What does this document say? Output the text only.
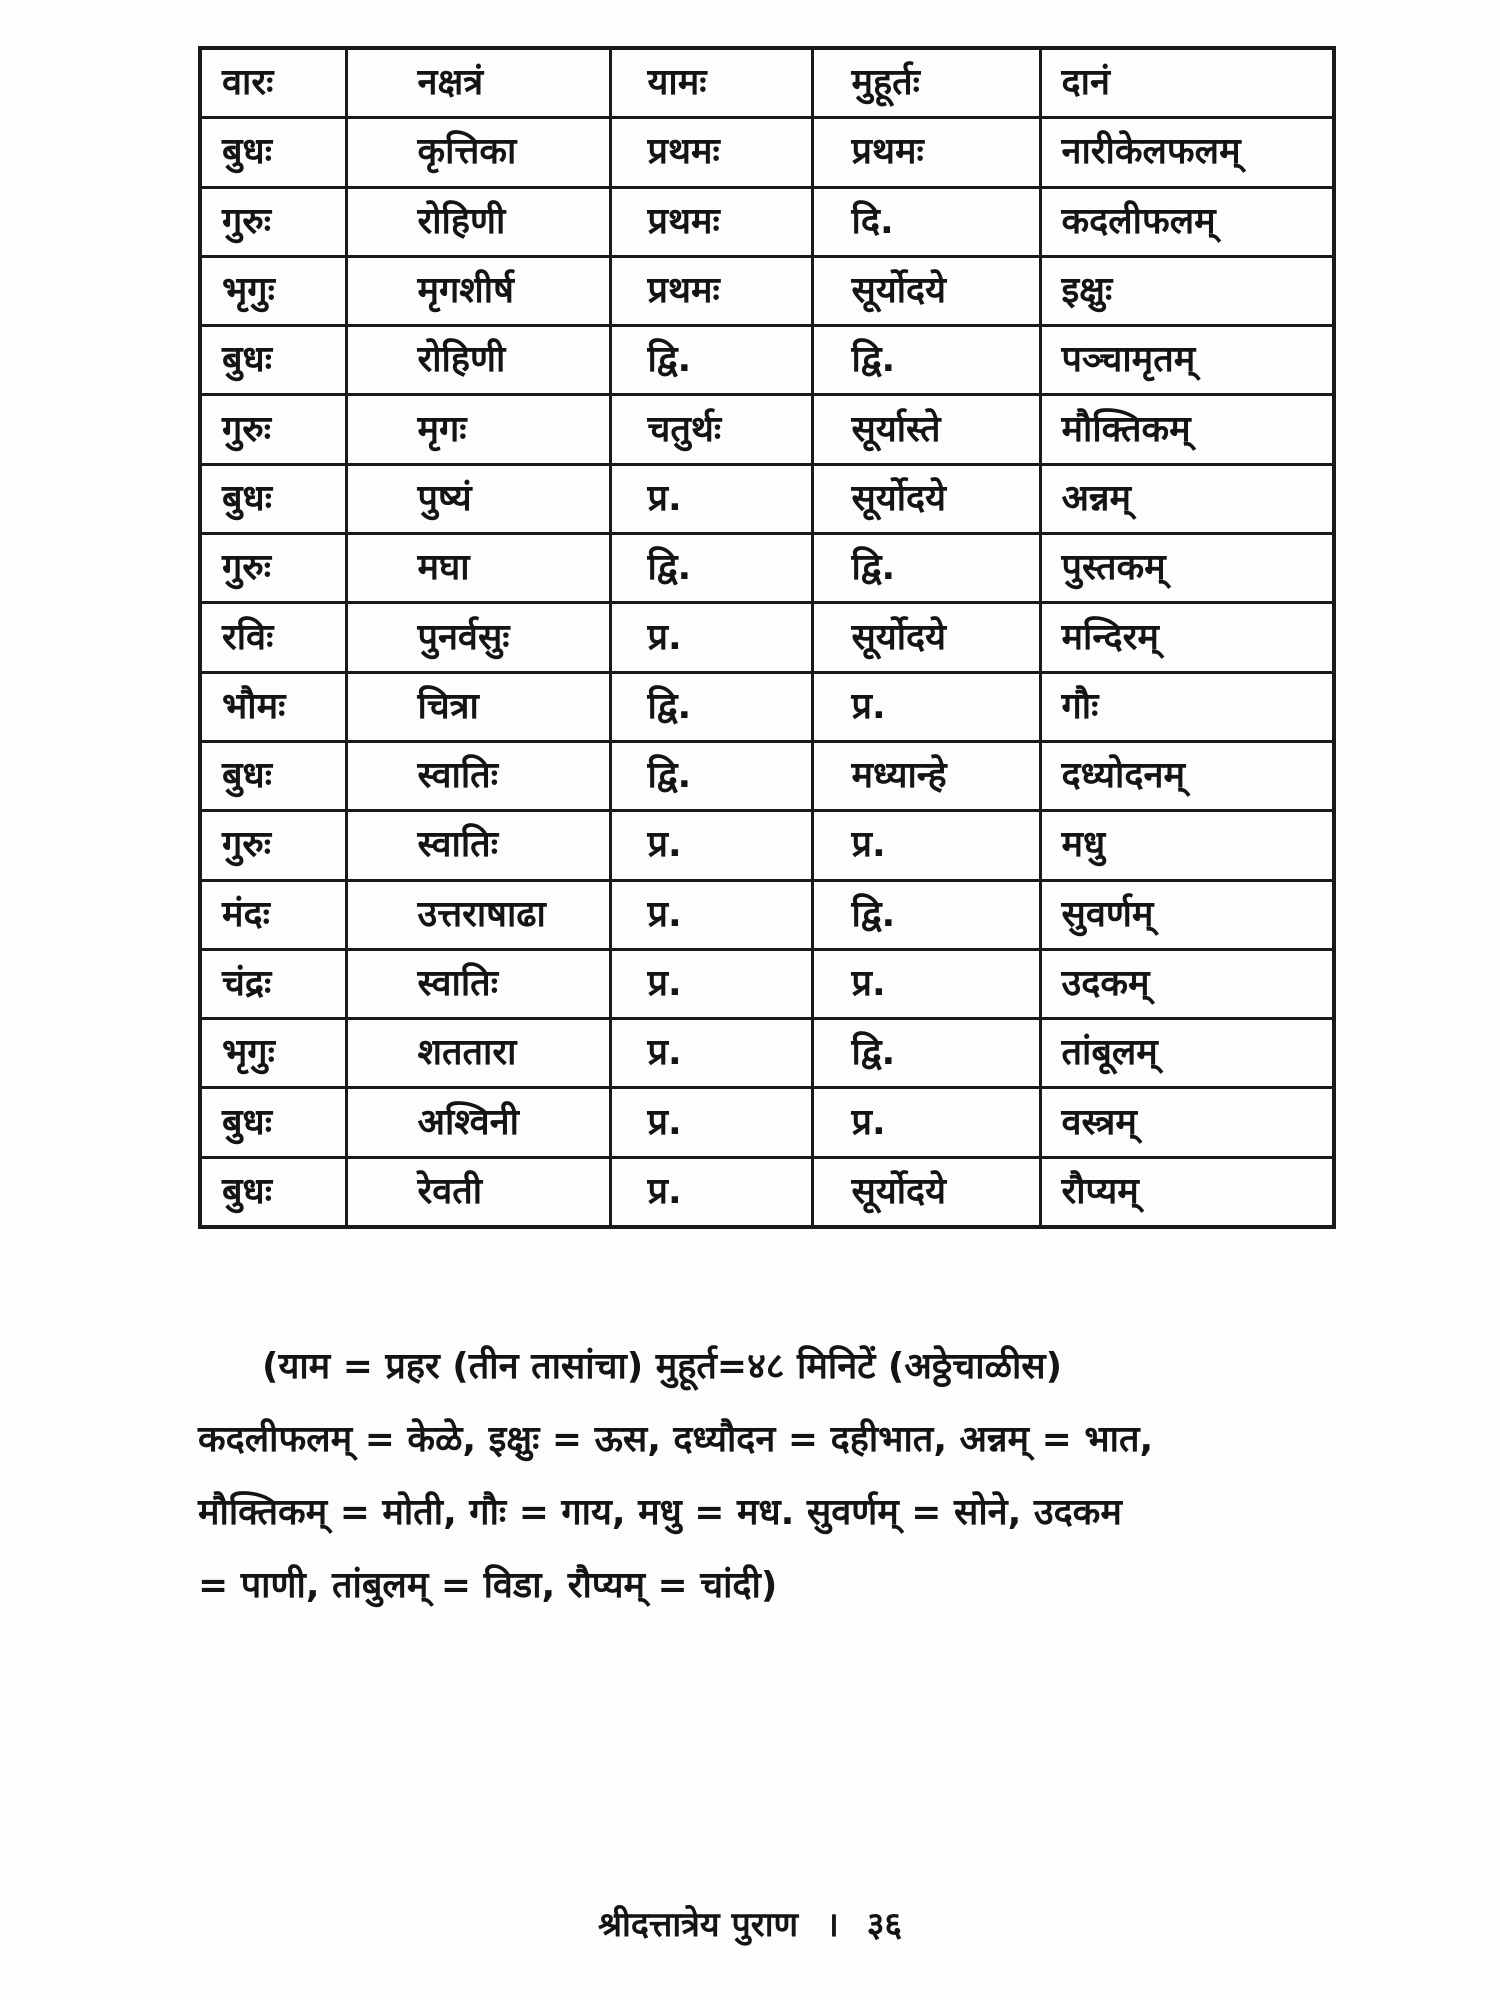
वारः	नक्षत्रं	यामः	मुहूर्तः	दानं
बुधः	कृत्तिका	प्रथमः	प्रथमः	नारीकेलफलम्
गुरुः	रोहिणी	प्रथमः	दि.	कदलीफलम्
भृगुः	मृगशीर्ष	प्रथमः	सूर्योदये	इक्षुः
बुधः	रोहिणी	द्वि.	द्वि.	पञ्चामृतम्
गुरुः	मृगः	चतुर्थः	सूर्यास्ते	मौक्तिकम्
बुधः	पुष्यं	प्र.	सूर्योदये	अन्नम्
गुरुः	मघा	द्वि.	द्वि.	पुस्तकम्
रविः	पुनर्वसुः	प्र.	सूर्योदये	मन्दिरम्
भौमः	चित्रा	द्वि.	प्र.	गौः
बुधः	स्वातिः	द्वि.	मध्यान्हे	दध्योदनम्
गुरुः	स्वातिः	प्र.	प्र.	मधु
मंदः	उत्तराषाढा	प्र.	द्वि.	सुवर्णम्
चंद्रः	स्वातिः	प्र.	प्र.	उदकम्
भृगुः	शततारा	प्र.	द्वि.	तांबूलम्
बुधः	अश्विनी	प्र.	प्र.	वस्त्रम्
बुधः	रेवती	प्र.	सूर्योदये	रौप्यम्

(याम = प्रहर (तीन तासांचा) मुहूर्त=४८ मिनिटें (अठ्ठेचाळीस)

कदलीफलम् = केळे, इक्षुः = ऊस, दध्यौदन = दहीभात, अन्नम् = भात,

मौक्तिकम् = मोती, गौः = गाय, मधु = मध. सुवर्णम् = सोने, उदकम

= पाणी, तांबुलम् = विडा, रौप्यम् = चांदी)

श्रीदत्तात्रेय पुराण । ३६
